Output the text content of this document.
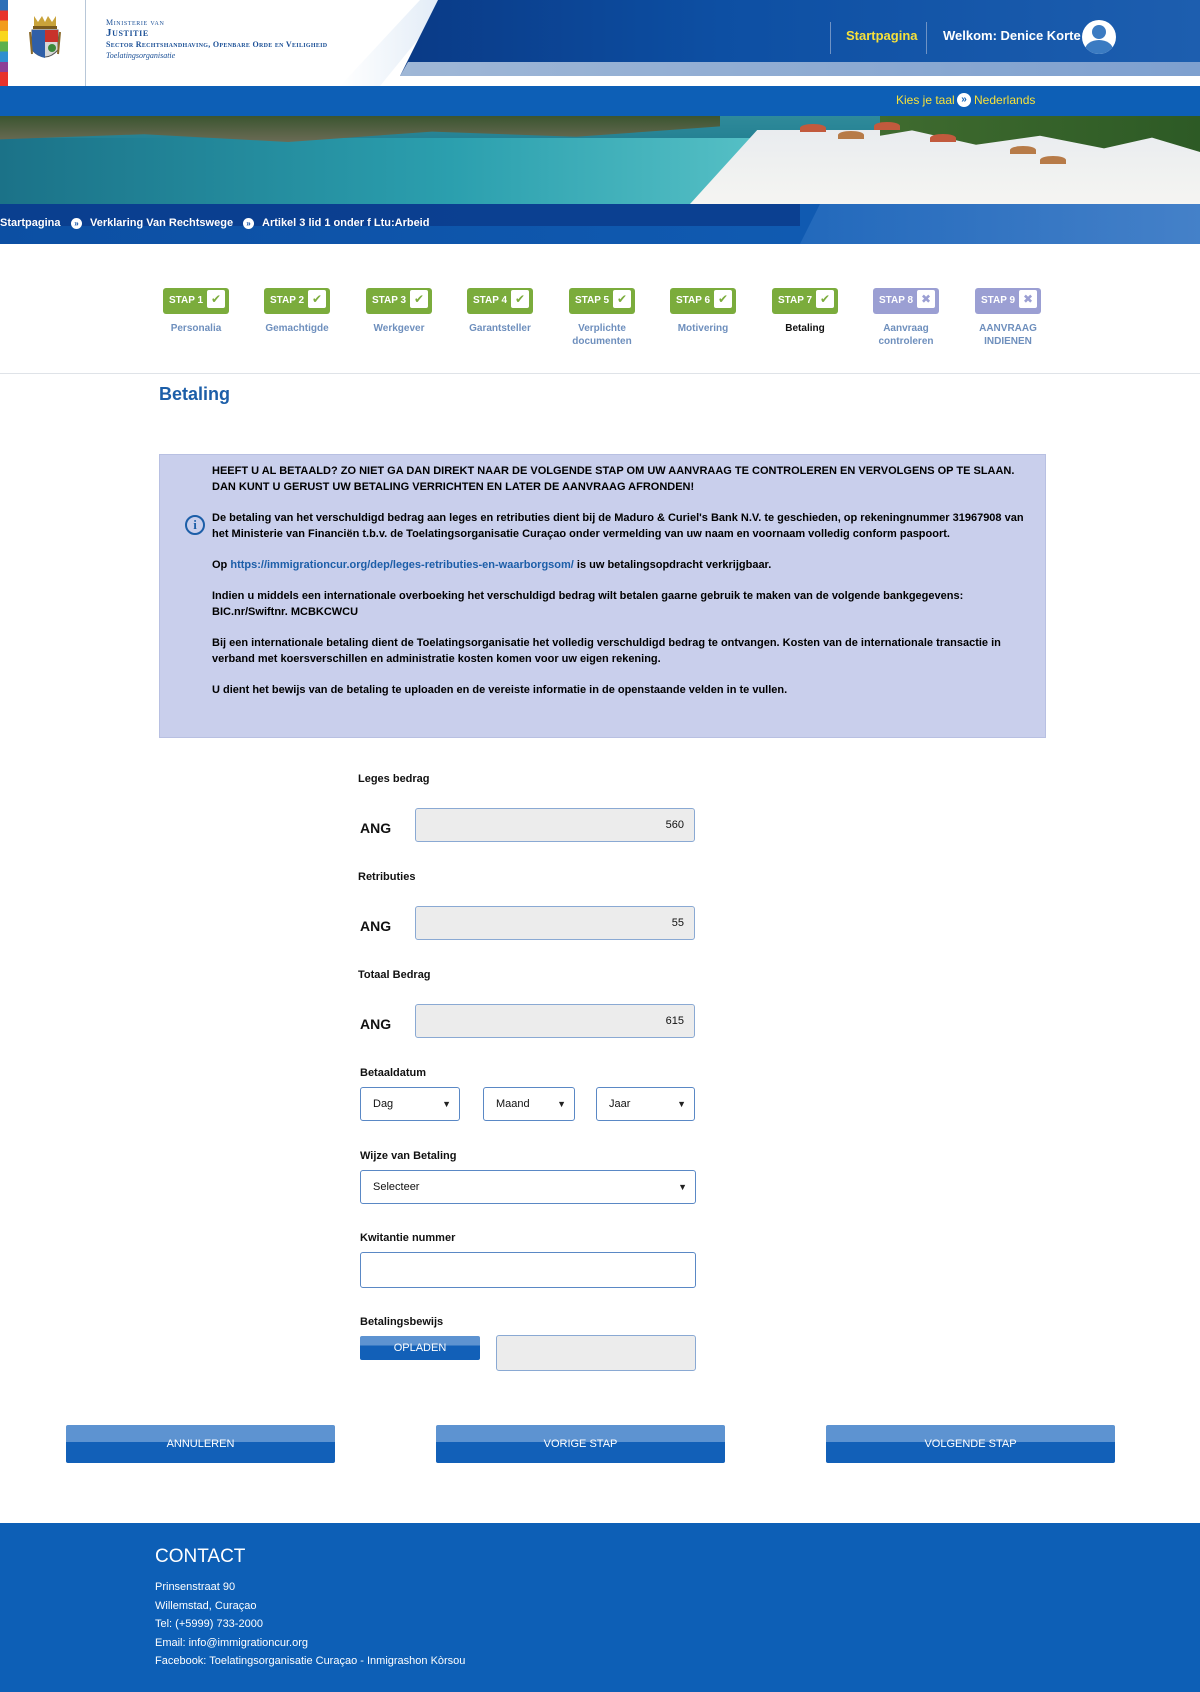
Ministerie van
Justitie
Sector Rechtshandhaving, Openbare Orde en Veiligheid
Toelatingsorganisatie
Startpagina Welkom: Denice Korte
Kies je taal » Nederlands
Startpagina	» Verklaring Van Rechtswege	» Artikel 3 lid 1 onder f Ltu:Arbeid
STAP 1 ✔
Personalia
STAP 2 ✔
Gemachtigde
STAP 3 ✔
Werkgever
STAP 4 ✔
Garantsteller
STAP 5 ✔
Verplichte documenten
STAP 6 ✔
Motivering
STAP 7 ✔
Betaling
STAP 8 ✖
Aanvraag controleren
STAP 9 ✖
AANVRAAG INDIENEN
Betaling
i

HEEFT U AL BETAALD? ZO NIET GA DAN DIREKT NAAR DE VOLGENDE STAP OM UW AANVRAAG TE CONTROLEREN EN VERVOLGENS OP TE SLAAN. DAN KUNT U GERUST UW BETALING VERRICHTEN EN LATER DE AANVRAAG AFRONDEN!

De betaling van het verschuldigd bedrag aan leges en retributies dient bij de Maduro & Curiel's Bank N.V. te geschieden, op rekeningnummer 31967908 van het Ministerie van Financiën t.b.v. de Toelatingsorganisatie Curaçao onder vermelding van uw naam en voornaam volledig conform paspoort.

Op https://immigrationcur.org/dep/leges-retributies-en-waarborgsom/ is uw betalingsopdracht verkrijgbaar.

Indien u middels een internationale overboeking het verschuldigd bedrag wilt betalen gaarne gebruik te maken van de volgende bankgegevens:
BIC.nr/Swiftnr. MCBKCWCU

Bij een internationale betaling dient de Toelatingsorganisatie het volledig verschuldigd bedrag te ontvangen. Kosten van de internationale transactie in verband met koersverschillen en administratie kosten komen voor uw eigen rekening.

U dient het bewijs van de betaling te uploaden en de vereiste informatie in de openstaande velden in te vullen.

Leges bedrag
ANG	560
Retributies
ANG	55
Totaal Bedrag
ANG	615
Betaaldatum
Dag	▼	Maand	▼	Jaar	▼
Wijze van Betaling
Selecteer	▼
Kwitantie nummer
Betalingsbewijs
OPLADEN
ANNULEREN	VORIGE STAP	VOLGENDE STAP
CONTACT
Prinsenstraat 90
Willemstad, Curaçao
Tel: (+5999) 733-2000
Email: info@immigrationcur.org
Facebook: Toelatingsorganisatie Curaçao - Inmigrashon Kòrsou
